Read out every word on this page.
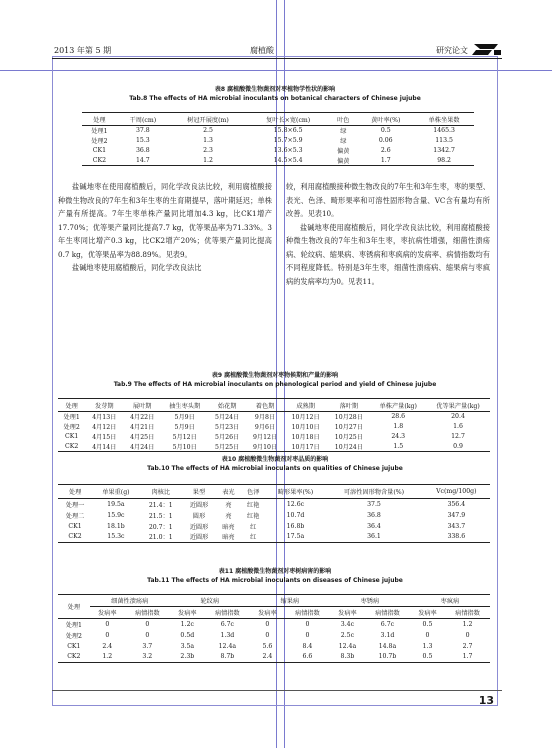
2013 年第 5 期	腐植酸	研究论文
表8 腐植酸微生物菌剂对枣植物学性状的影响
Tab.8 The effects of HA microbial inoculants on botanical characters of Chinese jujube
处理	干周(cm)	树冠开展度(m)	复叶长×宽(cm)	叶色	黄叶率(%)	单株坐果数
处理1	37.8	2.5	15.8×6.5	绿	0.5	1465.3
处理2	15.3	1.3	15.7×5.9	绿	0.06	113.5
CK1	36.8	2.3	13.6×5.3	偏黄	2.6	1342.7
CK2	14.7	1.2	14.5×5.4	偏黄	1.7	98.2

盐碱地枣在使用腐植酸后，同化学改良法比较，利用腐植酸接种微生物改良的7年生和3年生枣的生育期提早，落叶期延迟；单株产量有所提高。7年生枣单株产量同比增加4.3 kg，比CK1增产17.70%；优等果产量同比提高7.7 kg，优等果品率为71.33%。3年生枣同比增产0.3 kg，比CK2增产20%；优等果产量同比提高0.7 kg，优等果品率为88.89%。见表9。

盐碱地枣使用腐植酸后，同化学改良法比

较，利用腐植酸接种微生物改良的7年生和3年生枣，枣的果型、表光、色泽、畸形果率和可溶性固形物含量、VC含有量均有所改善。见表10。

盐碱地枣使用腐植酸后，同化学改良法比较，利用腐植酸接种微生物改良的7年生和3年生枣，枣抗病性增强，细菌性溃疡病、轮纹病、缩果病、枣锈病和枣疯病的发病率、病情指数均有不同程度降低。特别是3年生枣，细菌性溃疡病、缩果病与枣疯病的发病率均为0。见表11。

表9 腐植酸微生物菌剂对枣物候期和产量的影响
Tab.9 The effects of HA microbial inoculants on phenological period and yield of Chinese jujube
处理	发芽期	展叶期	抽生枣头期	始花期	着色期	成熟期	落叶期	单株产量(kg)	优等果产量(kg)
处理1	4月13日	4月22日	5月9日	5月24日	9月8日	10月12日	10月28日	28.6	20.4
处理2	4月12日	4月21日	5月9日	5月23日	9月6日	10月10日	10月27日	1.8	1.6
CK1	4月15日	4月25日	5月12日	5月26日	9月12日	10月18日	10月25日	24.3	12.7
CK2	4月14日	4月24日	5月10日	5月25日	9月10日	10月17日	10月24日	1.5	0.9
表10 腐植酸微生物菌剂对枣品质的影响
Tab.10 The effects of HA microbial inoculants on qualities of Chinese jujube
处理	单果重(g)	肉核比	果型	表光	色泽	畸形果率(%)	可溶性固形物含量(%)	Vc(mg/100g)
处理一	19.5a	21.4：1	近圆形	亮	红艳	12.6c	37.5	356.4
处理二	15.9c	21.5：1	圆形	亮	红艳	10.7d	36.8	347.9
CK1	18.1b	20.7：1	近圆形	暗亮	红	16.8b	36.4	343.7
CK2	15.3c	21.0：1	近圆形	暗亮	红	17.5a	36.1	338.6
表11 腐植酸微生物菌剂对枣树病害的影响
Tab.11 The effects of HA microbial inoculants on diseases of Chinese jujube
处理	细菌性溃疡病		轮纹病		缩果病		枣锈病		枣疯病	
	发病率	病情指数	发病率	病情指数	发病率	病情指数	发病率	病情指数	发病率	病情指数
处理1	0	0	1.2c	6.7c	0	0	3.4c	6.7c	0.5	1.2
处理2	0	0	0.5d	1.3d	0	0	2.5c	3.1d	0	0
CK1	2.4	3.7	3.5a	12.4a	5.6	8.4	12.4a	14.8a	1.3	2.7
CK2	1.2	3.2	2.3b	8.7b	2.4	6.6	8.3b	10.7b	0.5	1.7
13
